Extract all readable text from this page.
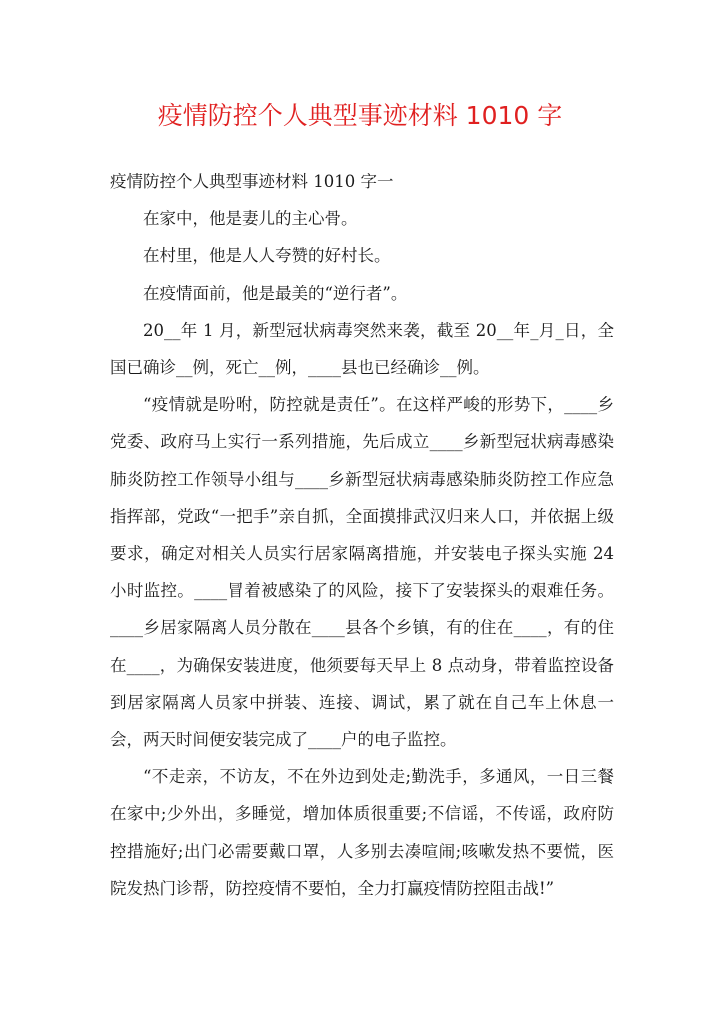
疫情防控个人典型事迹材料 1010 字

疫情防控个人典型事迹材料 1010 字一

在家中，他是妻儿的主心骨。

在村里，他是人人夸赞的好村长。

在疫情面前，他是最美的“逆行者”。

20__年 1 月，新型冠状病毒突然来袭，截至 20__年_月_日，全国已确诊__例，死亡__例，____县也已经确诊__例。

“疫情就是吩咐，防控就是责任”。在这样严峻的形势下，____乡党委、政府马上实行一系列措施，先后成立____乡新型冠状病毒感染肺炎防控工作领导小组与____乡新型冠状病毒感染肺炎防控工作应急指挥部，党政“一把手”亲自抓，全面摸排武汉归来人口，并依据上级要求，确定对相关人员实行居家隔离措施，并安装电子探头实施 24 小时监控。____冒着被感染了的风险，接下了安装探头的艰难任务。____乡居家隔离人员分散在____县各个乡镇，有的住在____，有的住在____，为确保安装进度，他须要每天早上 8 点动身，带着监控设备到居家隔离人员家中拼装、连接、调试，累了就在自己车上休息一会，两天时间便安装完成了____户的电子监控。

“不走亲，不访友，不在外边到处走;勤洗手，多通风，一日三餐在家中;少外出，多睡觉，增加体质很重要;不信谣，不传谣，政府防控措施好;出门必需要戴口罩，人多别去凑喧闹;咳嗽发热不要慌，医院发热门诊帮，防控疫情不要怕，全力打赢疫情防控阻击战!”
